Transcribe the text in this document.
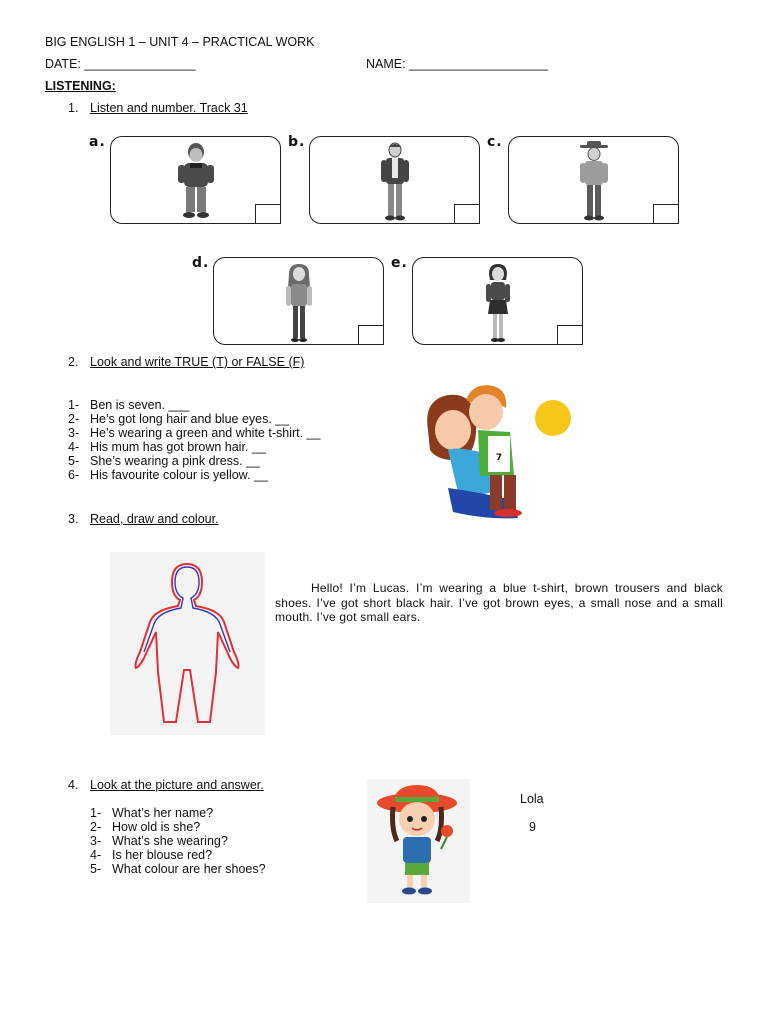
BIG ENGLISH 1 – UNIT 4 – PRACTICAL WORK
DATE: ________________	NAME: ____________________
LISTENING:
1. Listen and number. Track 31
a.	b.	c.
d.	e.
2. Look and write TRUE (T) or FALSE (F)
1- Ben is seven. ___
2- He’s got long hair and blue eyes. __
3- He’s wearing a green and white t-shirt. __
4- His mum has got brown hair. __
5- She’s wearing a pink dress. __
6- His favourite colour is yellow. __
7
3. Read, draw and colour.
Hello! I’m Lucas. I’m wearing a blue t-shirt, brown trousers and black shoes. I’ve got short black hair. I’ve got brown eyes, a small nose and a small mouth. I’ve got small ears.
4. Look at the picture and answer.
1- What’s her name?
2- How old is she?
3- What’s she wearing?
4- Is her blouse red?
5- What colour are her shoes?
Lola
9
